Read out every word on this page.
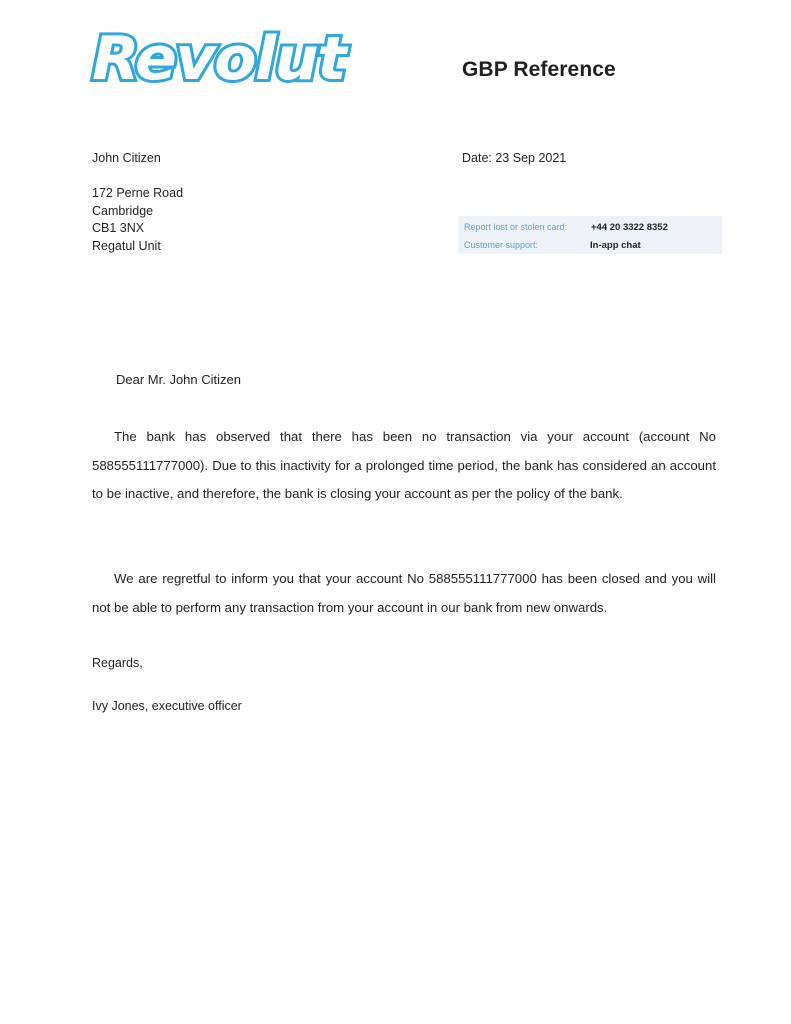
Revolut	GBP Reference
John Citizen
172 Perne Road
Cambridge
CB1 3NX
Regatul Unit
Date: 23 Sep 2021
Report lost or stolen card:	+44 20 3322 8352
Customer support:	In-app chat
Dear Mr. John Citizen
The bank has observed that there has been no transaction via your account (account No 588555111777000). Due to this inactivity for a prolonged time period, the bank has considered an account to be inactive, and therefore, the bank is closing your account as per the policy of the bank.
We are regretful to inform you that your account No 588555111777000 has been closed and you will not be able to perform any transaction from your account in our bank from new onwards.
Regards,
Ivy Jones, executive officer
